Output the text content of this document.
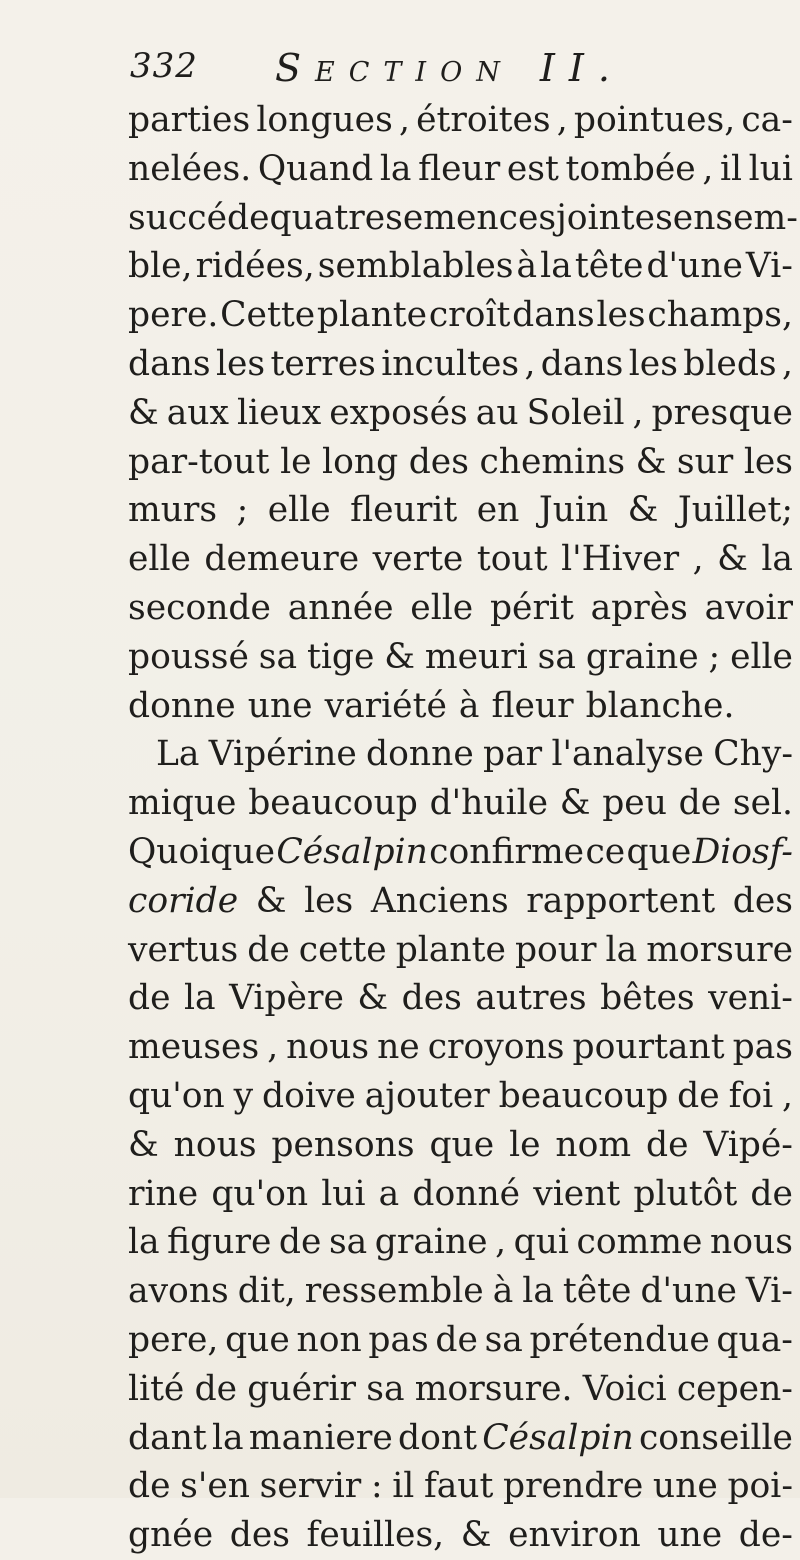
332 Section II.
parties longues , étroites , pointues, ca-
nelées. Quand la fleur est tombée , il lui
succéde quatre semences jointes ensem-
ble, ridées, semblables à la tête d'une Vi-
pere. Cette plante croît dans les champs,
dans les terres incultes , dans les bleds ,
& aux lieux exposés au Soleil , presque
par-tout le long des chemins & sur les
murs ; elle fleurit en Juin & Juillet;
elle demeure verte tout l'Hiver , & la
seconde année elle périt après avoir
poussé sa tige & meuri sa graine ; elle
donne une variété à fleur blanche.
La Vipérine donne par l'analyse Chy-
mique beaucoup d'huile & peu de sel.
Quoique Césalpin confirme ce que Diosf-
coride & les Anciens rapportent des
vertus de cette plante pour la morsure
de la Vipère & des autres bêtes veni-
meuses , nous ne croyons pourtant pas
qu'on y doive ajouter beaucoup de foi ,
& nous pensons que le nom de Vipé-
rine qu'on lui a donné vient plutôt de
la figure de sa graine , qui comme nous
avons dit, ressemble à la tête d'une Vi-
pere, que non pas de sa prétendue qua-
lité de guérir sa morsure. Voici cepen-
dant la maniere dont Césalpin conseille
de s'en servir : il faut prendre une poi-
gnée des feuilles, & environ une de-
